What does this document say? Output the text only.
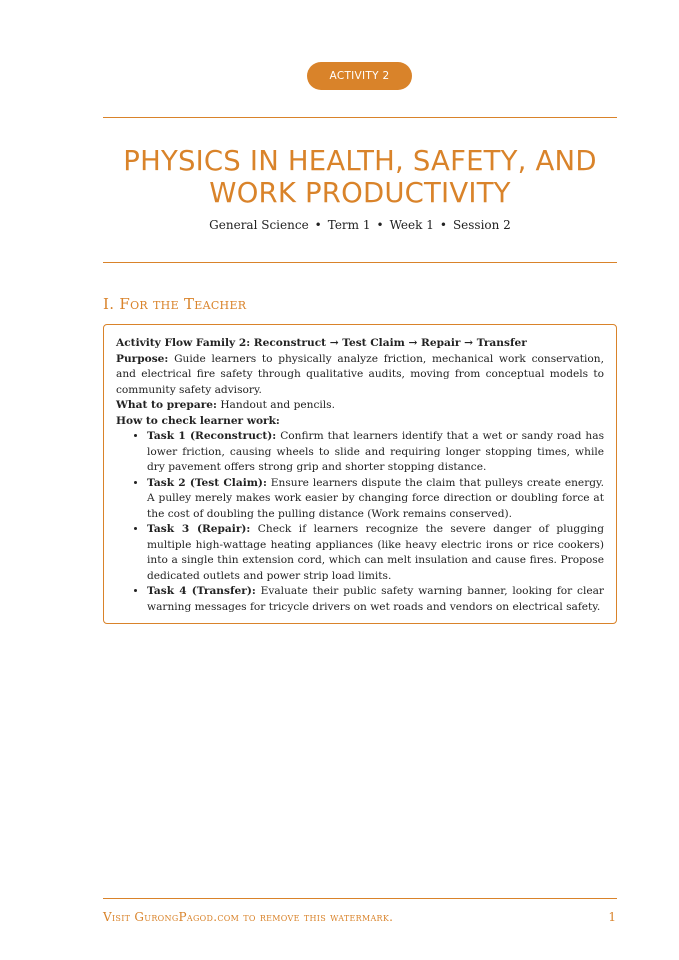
ACTIVITY 2
PHYSICS IN HEALTH, SAFETY, AND WORK PRODUCTIVITY
General Science • Term 1 • Week 1 • Session 2
I. For the Teacher

Activity Flow Family 2: Reconstruct → Test Claim → Repair → Transfer

Purpose: Guide learners to physically analyze friction, mechanical work conservation, and electrical fire safety through qualitative audits, moving from conceptual models to community safety advisory.

What to prepare: Handout and pencils.

How to check learner work:

• Task 1 (Reconstruct): Confirm that learners identify that a wet or sandy road has lower friction, causing wheels to slide and requiring longer stopping times, while dry pavement offers strong grip and shorter stopping distance.
• Task 2 (Test Claim): Ensure learners dispute the claim that pulleys create energy. A pulley merely makes work easier by changing force direction or doubling force at the cost of doubling the pulling distance (Work remains conserved).
• Task 3 (Repair): Check if learners recognize the severe danger of plugging multiple high-wattage heating appliances (like heavy electric irons or rice cookers) into a single thin extension cord, which can melt insulation and cause fires. Propose dedicated outlets and power strip load limits.
• Task 4 (Transfer): Evaluate their public safety warning banner, looking for clear warning messages for tricycle drivers on wet roads and vendors on electrical safety.
Visit GurongPagod.com to remove this watermark.	1
